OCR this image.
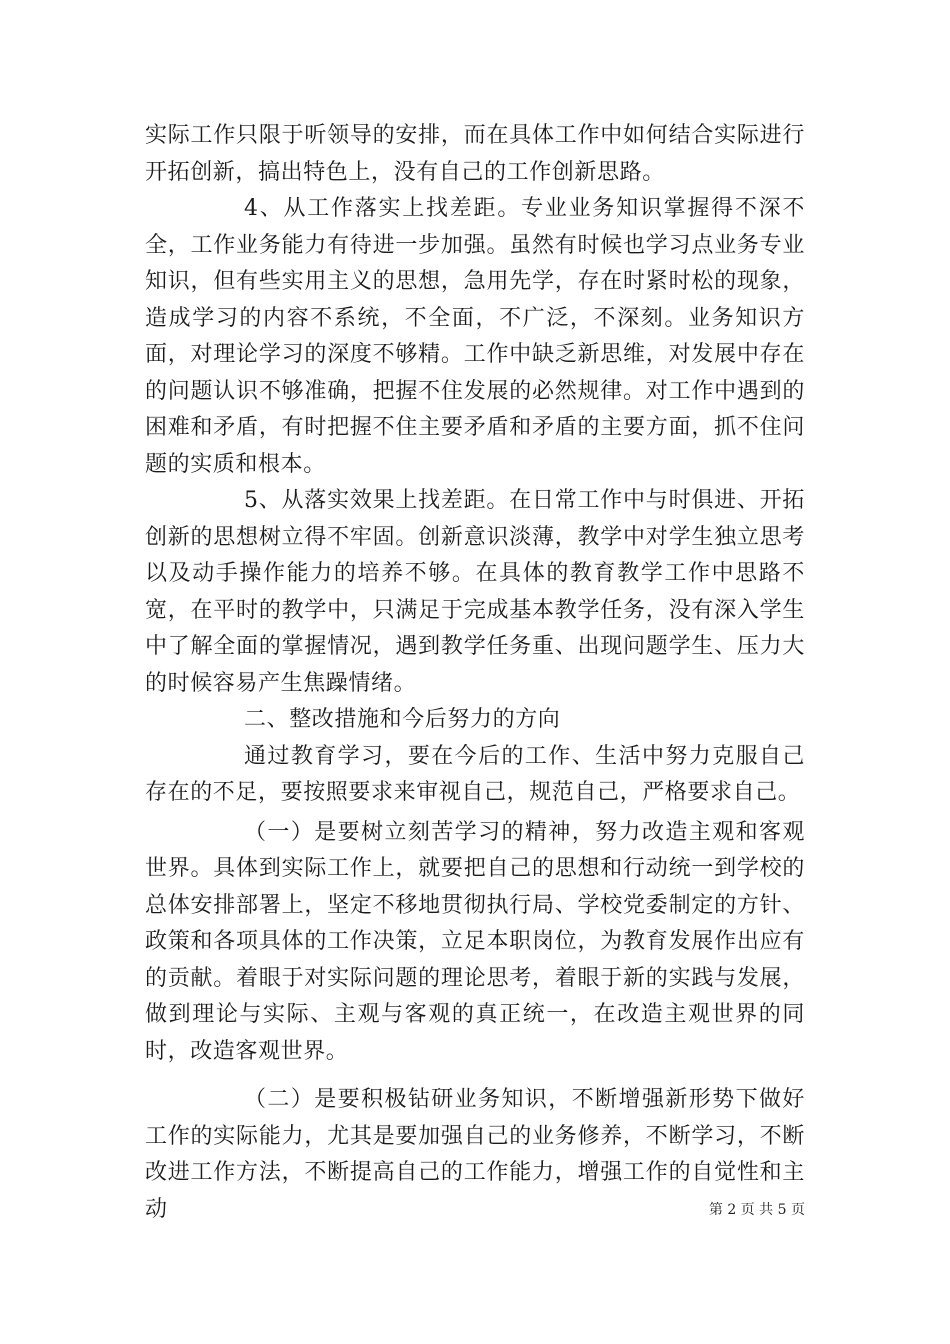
实际工作只限于听领导的安排，而在具体工作中如何结合实际进行开拓创新，搞出特色上，没有自己的工作创新思路。

4、从工作落实上找差距。专业业务知识掌握得不深不全，工作业务能力有待进一步加强。虽然有时候也学习点业务专业知识，但有些实用主义的思想，急用先学，存在时紧时松的现象，造成学习的内容不系统，不全面，不广泛，不深刻。业务知识方面，对理论学习的深度不够精。工作中缺乏新思维，对发展中存在的问题认识不够准确，把握不住发展的必然规律。对工作中遇到的困难和矛盾，有时把握不住主要矛盾和矛盾的主要方面，抓不住问题的实质和根本。

5、从落实效果上找差距。在日常工作中与时俱进、开拓创新的思想树立得不牢固。创新意识淡薄，教学中对学生独立思考以及动手操作能力的培养不够。在具体的教育教学工作中思路不宽，在平时的教学中，只满足于完成基本教学任务，没有深入学生中了解全面的掌握情况，遇到教学任务重、出现问题学生、压力大的时候容易产生焦躁情绪。

二、整改措施和今后努力的方向

通过教育学习，要在今后的工作、生活中努力克服自己存在的不足，要按照要求来审视自己，规范自己，严格要求自己。

（一）是要树立刻苦学习的精神，努力改造主观和客观世界。具体到实际工作上，就要把自己的思想和行动统一到学校的总体安排部署上，坚定不移地贯彻执行局、学校党委制定的方针、政策和各项具体的工作决策，立足本职岗位，为教育发展作出应有的贡献。着眼于对实际问题的理论思考，着眼于新的实践与发展，做到理论与实际、主观与客观的真正统一，在改造主观世界的同时，改造客观世界。

（二）是要积极钻研业务知识，不断增强新形势下做好工作的实际能力，尤其是要加强自己的业务修养，不断学习，不断改进工作方法，不断提高自己的工作能力，增强工作的自觉性和主动	第 2 页 共 5 页
